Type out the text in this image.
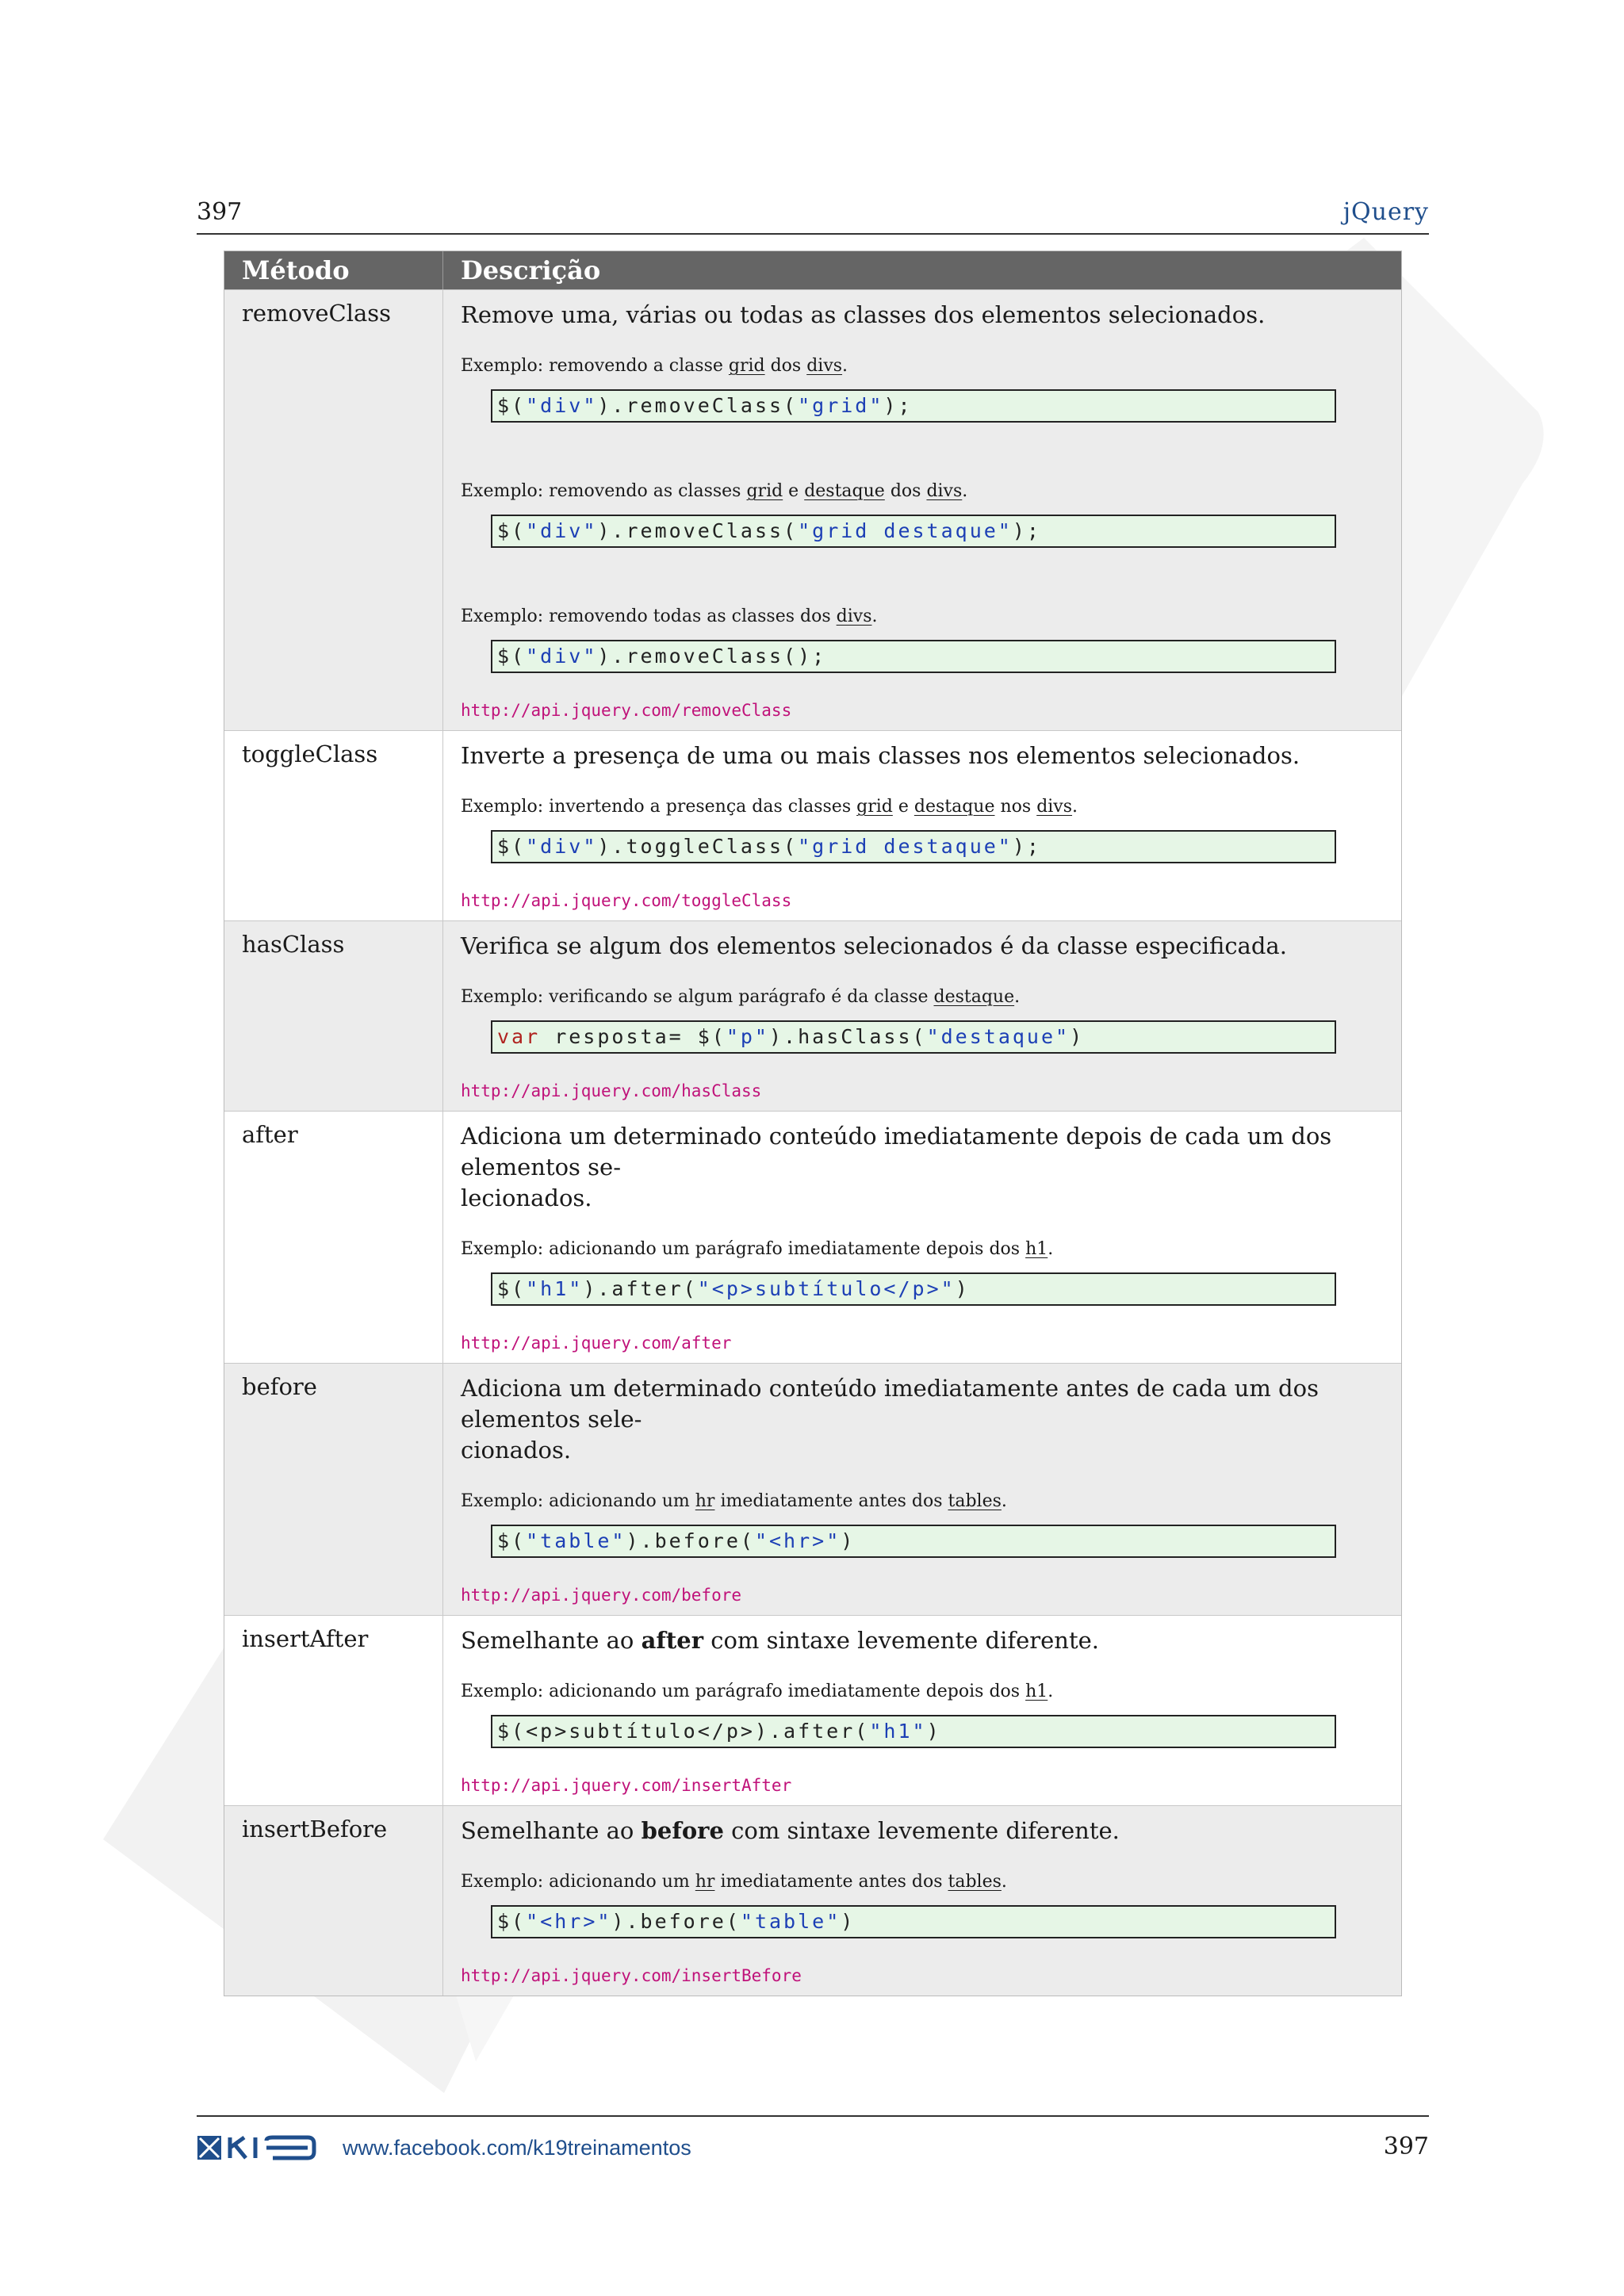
397	jQuery
Método	Descrição
removeClass	Remove uma, várias ou todas as classes dos elementos selecionados.
Exemplo: removendo a classe grid dos divs.
$("div").removeClass("grid");
Exemplo: removendo as classes grid e destaque dos divs.
$("div").removeClass("grid destaque");
Exemplo: removendo todas as classes dos divs.
$("div").removeClass();
http://api.jquery.com/removeClass
toggleClass	Inverte a presença de uma ou mais classes nos elementos selecionados.
Exemplo: invertendo a presença das classes grid e destaque nos divs.
$("div").toggleClass("grid destaque");
http://api.jquery.com/toggleClass
hasClass	Verifica se algum dos elementos selecionados é da classe especificada.
Exemplo: verificando se algum parágrafo é da classe destaque.
var resposta= $("p").hasClass("destaque")
http://api.jquery.com/hasClass
after	Adiciona um determinado conteúdo imediatamente depois de cada um dos elementos se-
lecionados.
Exemplo: adicionando um parágrafo imediatamente depois dos h1.
$("h1").after("<p>subtítulo</p>")
http://api.jquery.com/after
before	Adiciona um determinado conteúdo imediatamente antes de cada um dos elementos sele-
cionados.
Exemplo: adicionando um hr imediatamente antes dos tables.
$("table").before("<hr>")
http://api.jquery.com/before
insertAfter	Semelhante ao after com sintaxe levemente diferente.
Exemplo: adicionando um parágrafo imediatamente depois dos h1.
$(<p>subtítulo</p>).after("h1")
http://api.jquery.com/insertAfter
insertBefore	Semelhante ao before com sintaxe levemente diferente.
Exemplo: adicionando um hr imediatamente antes dos tables.
$("<hr>").before("table")
http://api.jquery.com/insertBefore
www.facebook.com/k19treinamentos	397
